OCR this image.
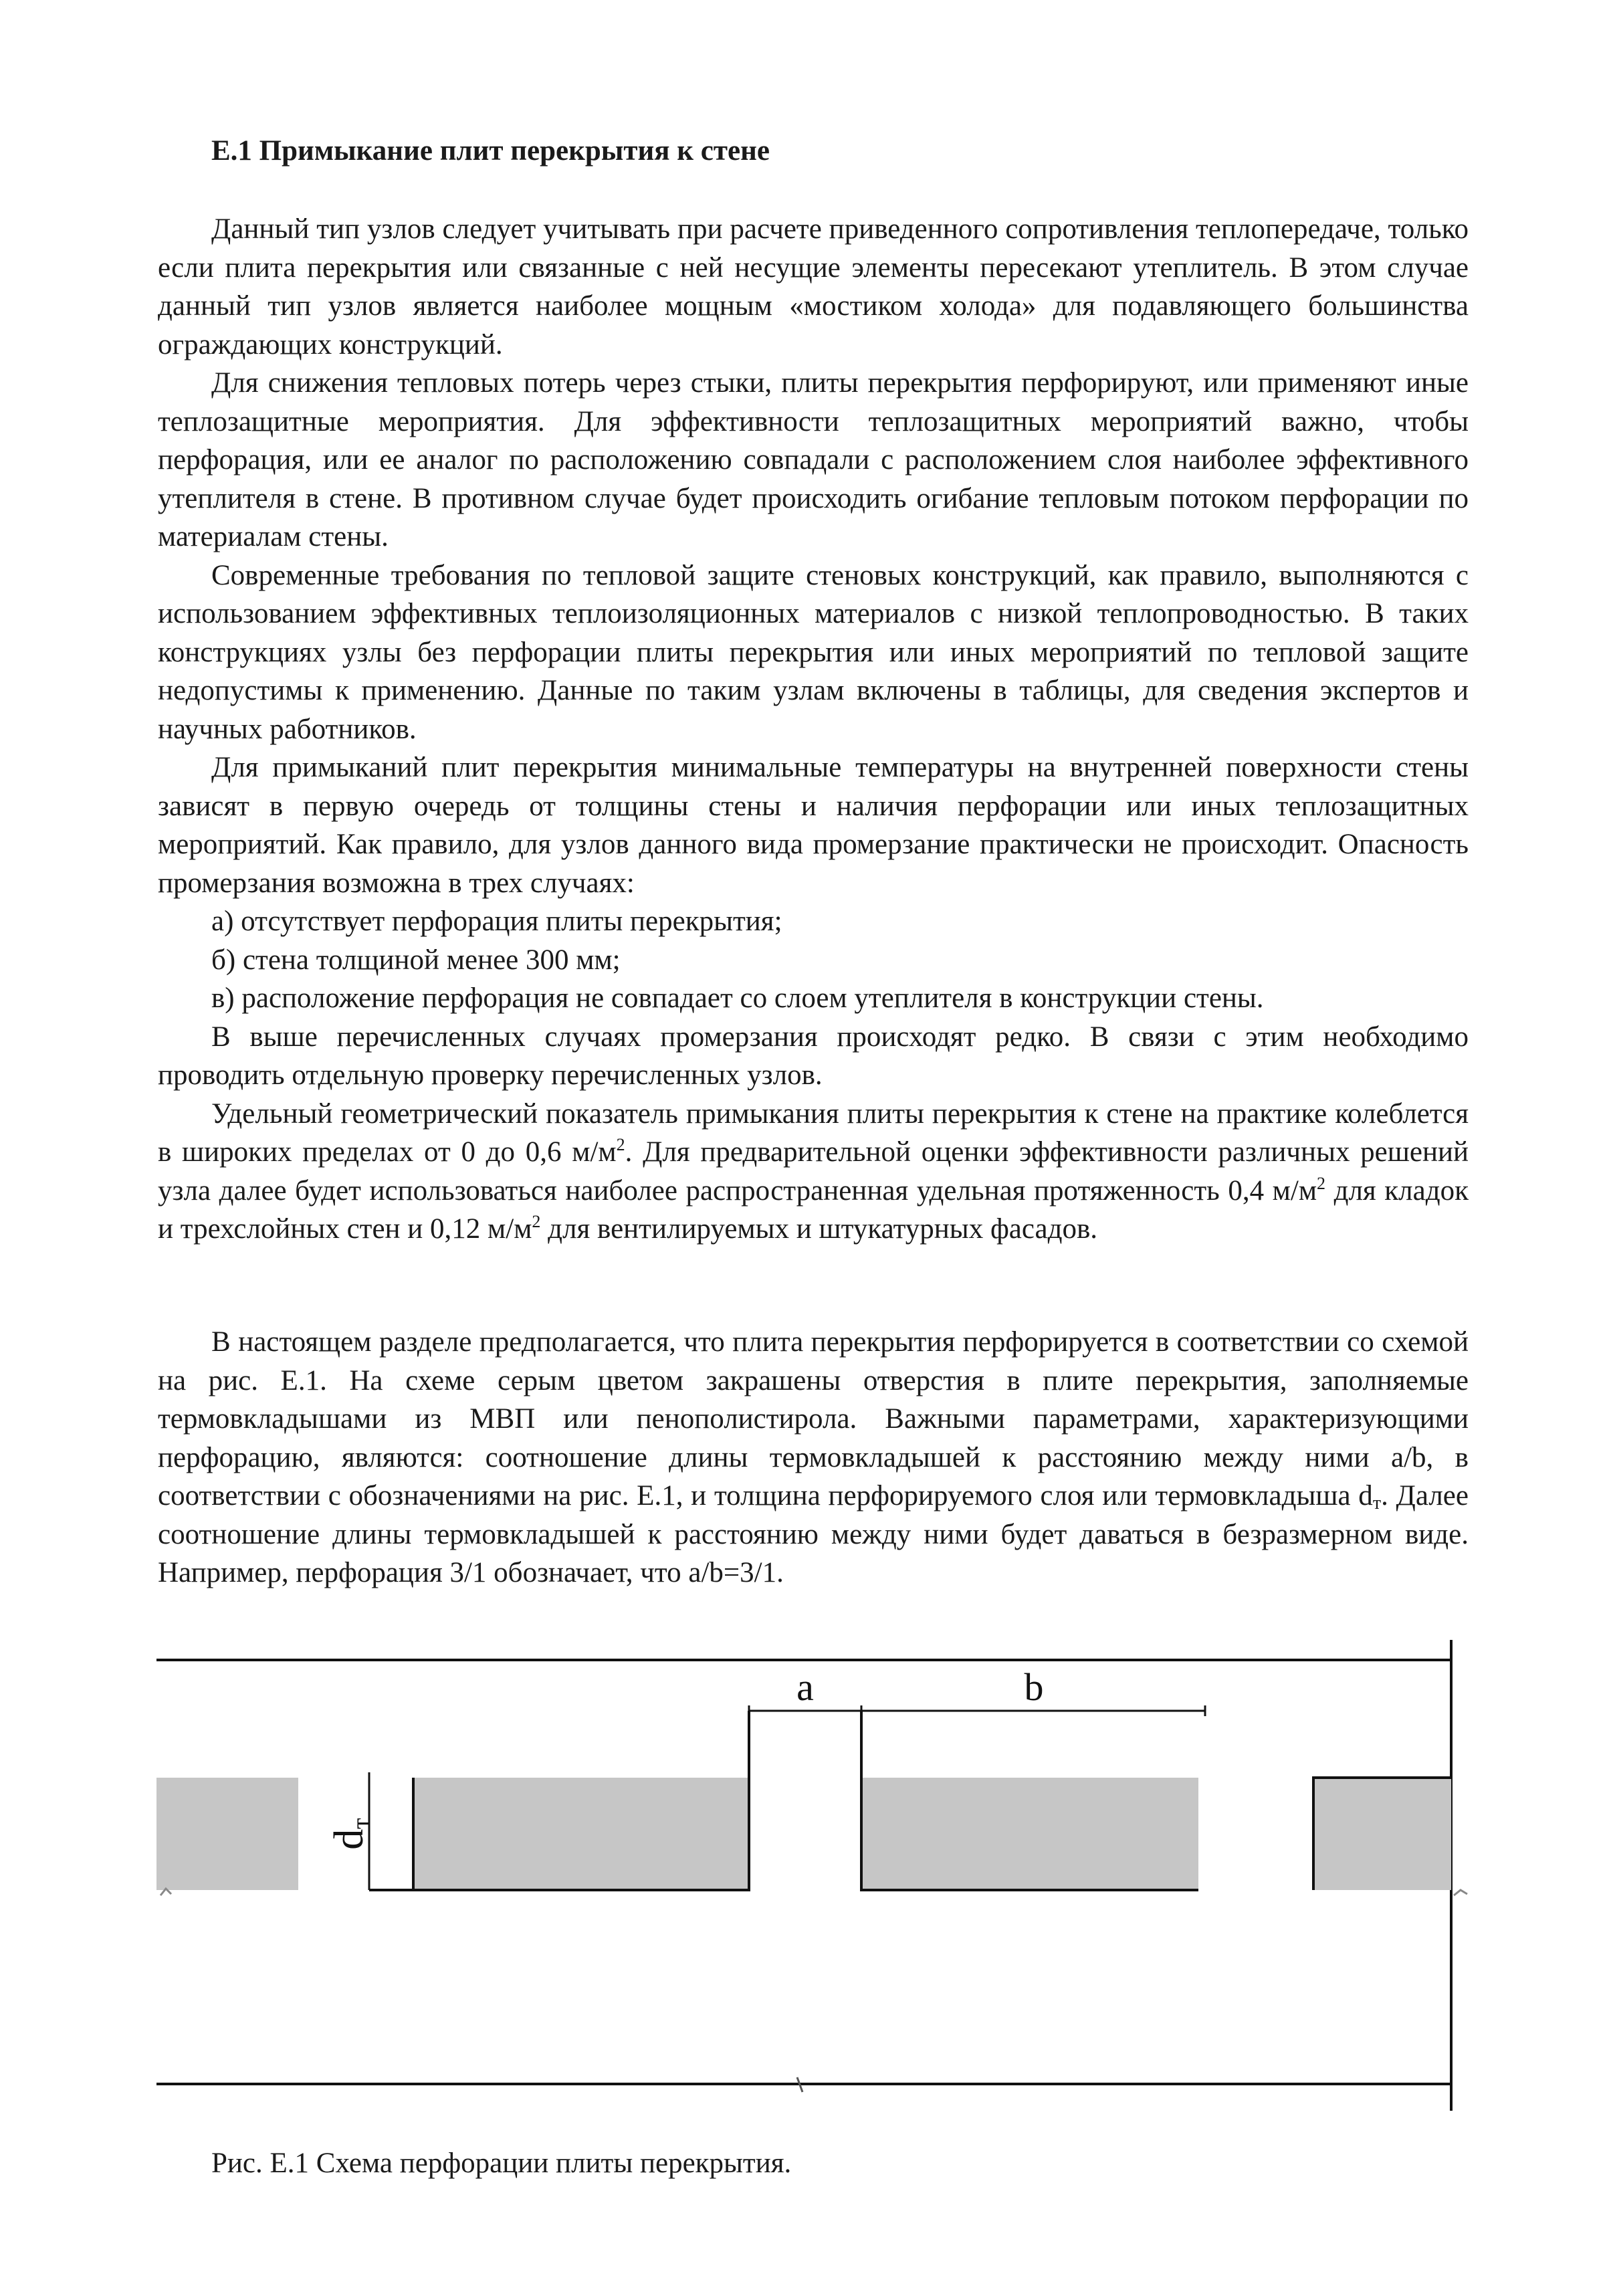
Е.1 Примыкание плит перекрытия к стене

Данный тип узлов следует учитывать при расчете приведенного сопротивления теплопередаче, только если плита перекрытия или связанные с ней несущие элементы пересекают утеплитель. В этом случае данный тип узлов является наиболее мощным «мостиком холода» для подавляющего большинства ограждающих конструкций.

Для снижения тепловых потерь через стыки, плиты перекрытия перфорируют, или применяют иные теплозащитные мероприятия. Для эффективности теплозащитных мероприятий важно, чтобы перфорация, или ее аналог по расположению совпадали с расположением слоя наиболее эффективного утеплителя в стене. В противном случае будет происходить огибание тепловым потоком перфорации по материалам стены.

Современные требования по тепловой защите стеновых конструкций, как правило, выполняются с использованием эффективных теплоизоляционных материалов с низкой теплопроводностью. В таких конструкциях узлы без перфорации плиты перекрытия или иных мероприятий по тепловой защите недопустимы к применению. Данные по таким узлам включены в таблицы, для сведения экспертов и научных работников.

Для примыканий плит перекрытия минимальные температуры на внутренней поверхности стены зависят в первую очередь от толщины стены и наличия перфорации или иных теплозащитных мероприятий. Как правило, для узлов данного вида промерзание практически не происходит. Опасность промерзания возможна в трех случаях:

а) отсутствует перфорация плиты перекрытия;

б) стена толщиной менее 300 мм;

в) расположение перфорация не совпадает со слоем утеплителя в конструкции стены.

В выше перечисленных случаях промерзания происходят редко. В связи с этим необходимо проводить отдельную проверку перечисленных узлов.

Удельный геометрический показатель примыкания плиты перекрытия к стене на практике колеблется в широких пределах от 0 до 0,6 $м/м^2$. Для предварительной оценки эффективности различных решений узла далее будет использоваться наиболее распространенная удельная протяженность 0,4 $м/м^2$ для кладок и трехслойных стен и 0,12 $м/м^2$ для вентилируемых и штукатурных фасадов.

В настоящем разделе предполагается, что плита перекрытия перфорируется в соответствии со схемой на рис. Е.1. На схеме серым цветом закрашены отверстия в плите перекрытия, заполняемые термовкладышами из МВП или пенополистирола. Важными параметрами, характеризующими перфорацию, являются: соотношение длины термовкладышей к расстоянию между ними a/b, в соответствии с обозначениями на рис. Е.1, и толщина перфорируемого слоя или термовкладыша $d_т$. Далее соотношение длины термовкладышей к расстоянию между ними будет даваться в безразмерном виде. Например, перфорация 3/1 обозначает, что a/b=3/1.

a	b
dт
Рис. Е.1 Схема перфорации плиты перекрытия.
